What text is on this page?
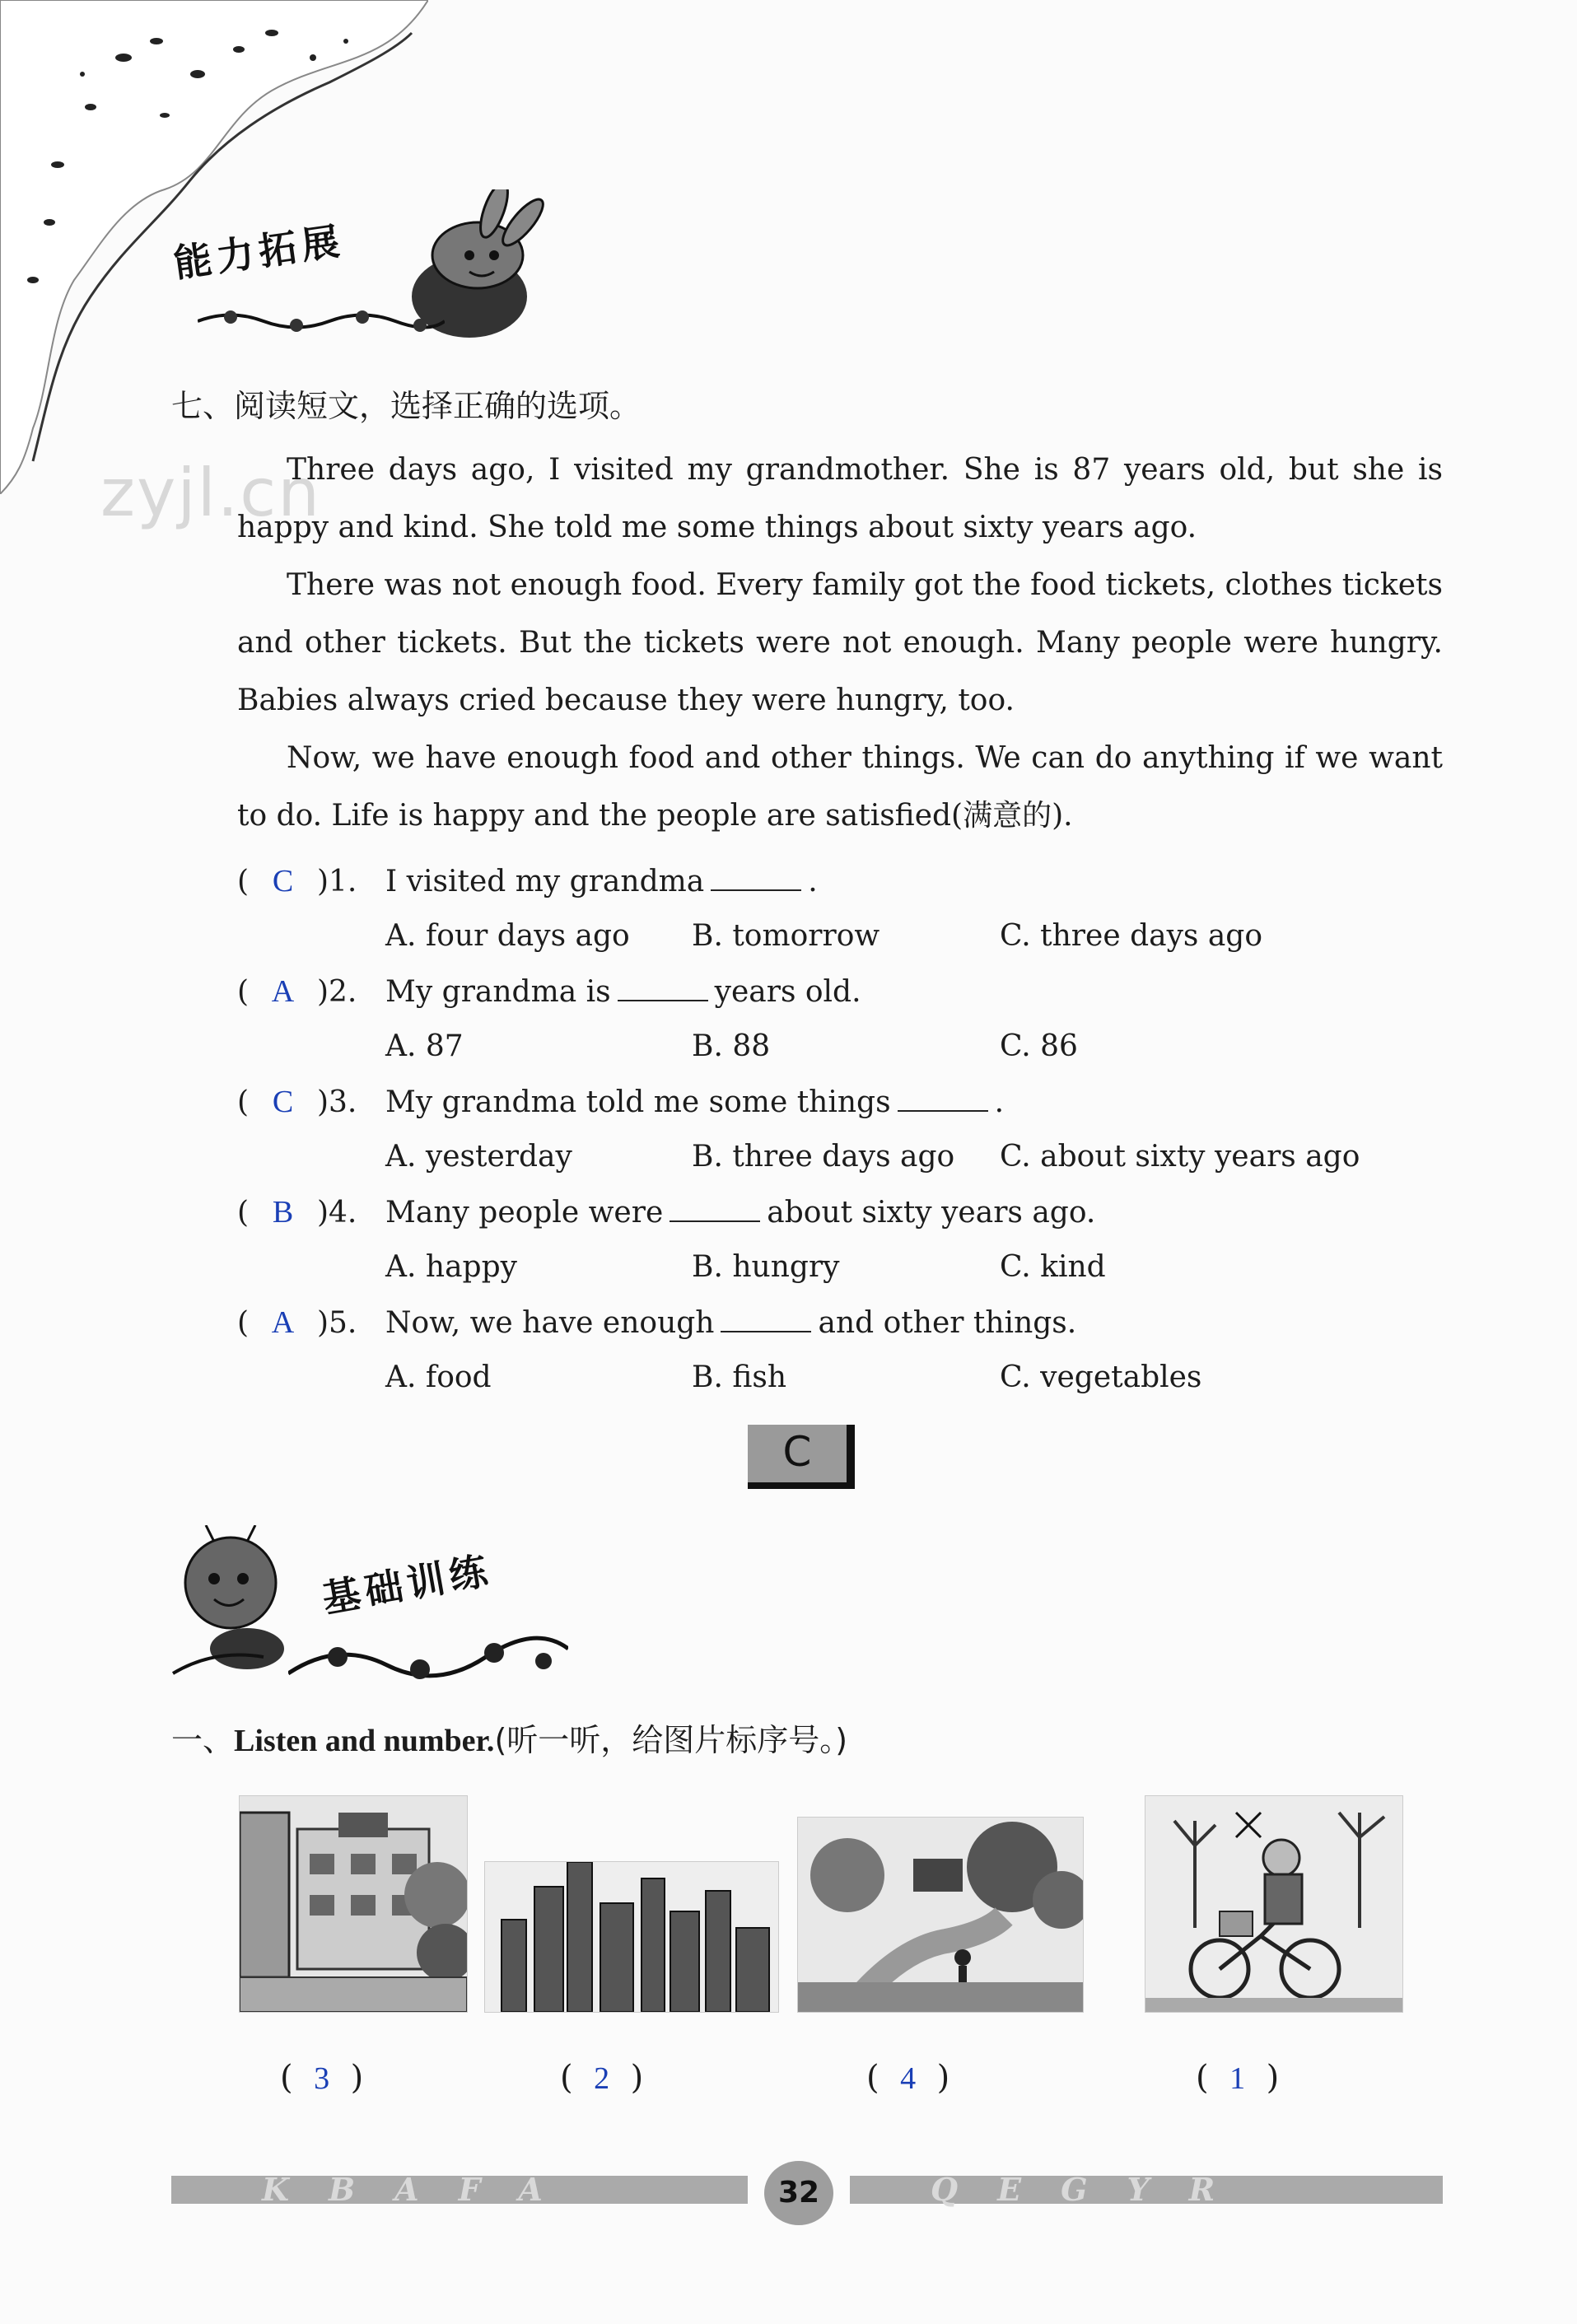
能力拓展
七、阅读短文，选择正确的选项。
zyjl.cn

Three days ago, I visited my grandmother. She is 87 years old, but she is happy and kind. She told me some things about sixty years ago.

There was not enough food. Every family got the food tickets, clothes tickets and other tickets. But the tickets were not enough. Many people were hungry. Babies always cried because they were hungry, too.

Now, we have enough food and other things. We can do anything if we want to do. Life is happy and the people are satisfied(满意的).

( C )1. I visited my grandma	.
A. four days ago B. tomorrow	C. three days ago
( A )2. My grandma is	years old.
A. 87	B. 88	C. 86
( C )3. My grandma told me some things	.
A. yesterday	B. three days ago C. about sixty years ago
( B )4. Many people were	about sixty years ago.
A. happy	B. hungry	C. kind
( A )5. Now, we have enough	and other things.
A. food	B. fish	C. vegetables
C
基础训练
一、Listen and number.(听一听，给图片标序号。)
( 3 )	( 2 )	( 4 )	( 1 )
KBAFA	QEGYR
32
